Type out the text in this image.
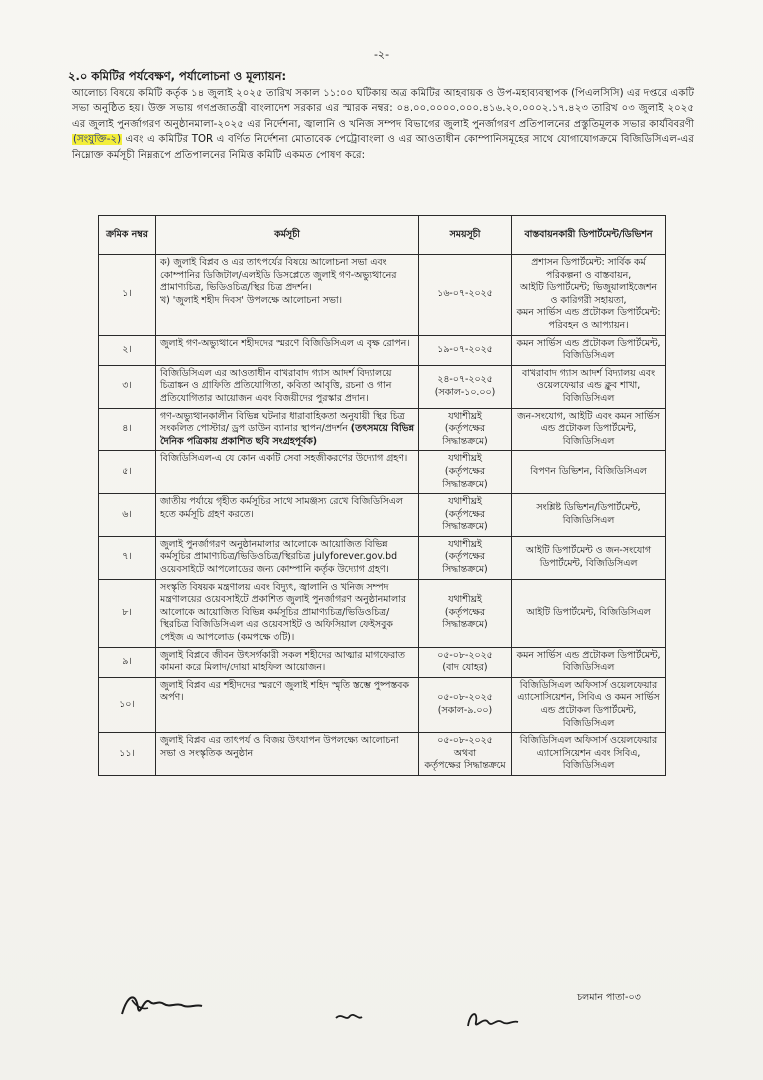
-২-
২.০ কমিটির পর্যবেক্ষণ, পর্যালোচনা ও মূল্যায়ন:
আলোচ্য বিষয়ে কমিটি কর্তৃক ১৪ জুলাই ২০২৫ তারিখ সকাল ১১:০০ ঘটিকায় অত্র কমিটির আহবায়ক ও উপ-মহাব্যবস্থাপক (পিএলসিসি) এর দপ্তরে একটি সভা অনুষ্ঠিত হয়। উক্ত সভায় গণপ্রজাতন্ত্রী বাংলাদেশ সরকার এর স্মারক নম্বর: ০৪.০০.০০০০.০০০.৪১৬.২০.০০০২.১৭.৪২৩ তারিখ ০৩ জুলাই ২০২৫ এর জুলাই পুনর্জাগরণ অনুষ্ঠানমালা-২০২৫ এর নির্দেশনা, জ্বালানি ও খনিজ সম্পদ বিভাগের জুলাই পুনর্জাগরণ প্রতিপালনের প্রস্তুতিমূলক সভার কার্যবিবরণী (সংযুক্তি-২) এবং এ কমিটির TOR এ বর্ণিত নির্দেশনা মোতাবেক পেট্রোবাংলা ও এর আওতাধীন কোম্পানিসমূহের সাথে যোগাযোগক্রমে বিজিডিসিএল-এর নিম্নোক্ত কর্মসূচী নিম্নরূপে প্রতিপালনের নিমিত্ত কমিটি একমত পোষণ করে:
ক্রমিক নম্বর	কর্মসূচী	সময়সূচী	বাস্তবায়নকারী ডিপার্টমেন্ট/ডিভিশন
১।	ক) জুলাই বিপ্লব ও এর তাৎপর্যের বিষয়ে আলোচনা সভা এবং কোম্পানির ডিজিটাল/এলইডি ডিসপ্লেতে জুলাই গণ-অভ্যুত্থানের প্রামাণ্যচিত্র, ভিডিওচিত্র/স্থির চিত্র প্রদর্শন।
খ) 'জুলাই শহীদ দিবস' উপলক্ষে আলোচনা সভা।	১৬-০৭-২০২৫	প্রশাসন ডিপার্টমেন্ট: সার্বিক কর্ম পরিকল্পনা ও বাস্তবায়ন,
আইটি ডিপার্টমেন্ট; ভিজুয়ালাইজেশন ও কারিগরী সহায়তা,
কমন সার্ভিস এন্ড প্রটোকল ডিপার্টমেন্ট: পরিবহন ও আপ্যায়ন।
২।	জুলাই গণ-অভ্যুত্থানে শহীদদের স্মরণে বিজিডিসিএল এ বৃক্ষ রোপন।	১৯-০৭-২০২৫	কমন সার্ভিস এন্ড প্রটোকল ডিপার্টমেন্ট, বিজিডিসিএল
৩।	বিজিডিসিএল এর আওতাধীন বাখরাবাদ গ্যাস আদর্শ বিদ্যালয়ে চিত্রাঙ্কন ও গ্রাফিতি প্রতিযোগিতা, কবিতা আবৃত্তি, রচনা ও গান প্রতিযোগিতার আয়োজন এবং বিজয়ীদের পুরস্কার প্রদান।	২৪-০৭-২০২৫
(সকাল-১০.০০)	বাখরাবাদ গ্যাস আদর্শ বিদ্যালয় এবং ওয়েলফেয়ার এন্ড ক্লুব শাখা, বিজিডিসিএল
৪।	গণ-অভ্যুত্থানকালীন বিভিন্ন ঘটনার ধারাবাহিকতা অনুযায়ী স্থির চিত্র সংকলিত পোস্টার/ ড্রপ ডাউন ব্যানার স্থাপন/প্রদর্শন (তৎসময়ে বিভিন্ন দৈনিক পত্রিকায় প্রকাশিত ছবি সংগ্রহপূর্বক)	যথাশীঘ্রই
(কর্তৃপক্ষের সিদ্ধান্তক্রমে)	জন-সংযোগ, আইটি এবং কমন সার্ভিস এন্ড প্রটোকল ডিপার্টমেন্ট, বিজিডিসিএল
৫।	বিজিডিসিএল-এ যে কোন একটি সেবা সহজীকরণের উদ্যোগ গ্রহণ।	যথাশীঘ্রই
(কর্তৃপক্ষের সিদ্ধান্তক্রমে)	বিপণন ডিভিশন, বিজিডিসিএল
৬।	জাতীয় পর্যায়ে গৃহীত কর্মসূচির সাথে সামঞ্জস্য রেখে বিজিডিসিএল হতে কর্মসূচি গ্রহণ করতে।	যথাশীঘ্রই
(কর্তৃপক্ষের সিদ্ধান্তক্রমে)	সংশ্লিষ্ট ডিভিশন/ডিপার্টমেন্ট, বিজিডিসিএল
৭।	জুলাই পুনর্জাগরণ অনুষ্ঠানমালার আলোকে আয়োজিত বিভিন্ন কর্মসূচির প্রামাণ্যচিত্র/ভিডিওচিত্র/স্থিরচিত্র julyforever.gov.bd ওয়েবসাইটে আপলোডের জন্য কোম্পানি কর্তৃক উদ্যোগ গ্রহণ।	যথাশীঘ্রই
(কর্তৃপক্ষের সিদ্ধান্তক্রমে)	আইটি ডিপার্টমেন্ট ও জন-সংযোগ ডিপার্টমেন্ট, বিজিডিসিএল
৮।	সংস্কৃতি বিষয়ক মন্ত্রণালয় এবং বিদ্যুৎ, জ্বালানি ও খনিজ সম্পদ মন্ত্রণালয়ের ওয়েবসাইটে প্রকাশিত জুলাই পুনর্জাগরণ অনুষ্ঠানমালার আলোকে আয়োজিত বিভিন্ন কর্মসূচির প্রামাণ্যচিত্র/ভিডিওচিত্র/স্থিরচিত্র বিজিডিসিএল এর ওয়েবসাইট ও অফিসিয়াল ফেইসবুক পেইজ এ আপলোড (কমপক্ষে ৩টি)।	যথাশীঘ্রই
(কর্তৃপক্ষের সিদ্ধান্তক্রমে)	আইটি ডিপার্টমেন্ট, বিজিডিসিএল
৯।	জুলাই বিপ্লবে জীবন উৎসর্গকারী সকল শহীদের আত্মার মাগফেরাত কামনা করে মিলাদ/দোয়া মাহফিল আয়োজন।	০৫-০৮-২০২৫
(বাদ যোহর)	কমন সার্ভিস এন্ড প্রটোকল ডিপার্টমেন্ট, বিজিডিসিএল
১০।	জুলাই বিপ্লব এর শহীদদের স্মরণে জুলাই শহিদ স্মৃতি স্তম্ভে পুষ্পস্তবক অর্পণ।	০৫-০৮-২০২৫
(সকাল-৯.০০)	বিজিডিসিএল অফিসার্স ওয়েলফেয়ার এ্যাসোসিয়েশন, সিবিএ ও কমন সার্ভিস এন্ড প্রটোকল ডিপার্টমেন্ট, বিজিডিসিএল
১১।	জুলাই বিপ্লব এর তাৎপর্য ও বিজয় উৎযাপন উপলক্ষ্যে আলোচনা সভা ও সংস্কৃতিক অনুষ্ঠান	০৫-০৮-২০২৫
অথবা
কর্তৃপক্ষের সিদ্ধান্তক্রমে	বিজিডিসিএল অফিসার্স ওয়েলফেয়ার এ্যাসোসিয়েশন এবং সিবিএ, বিজিডিসিএল
চলমান পাতা-০৩
